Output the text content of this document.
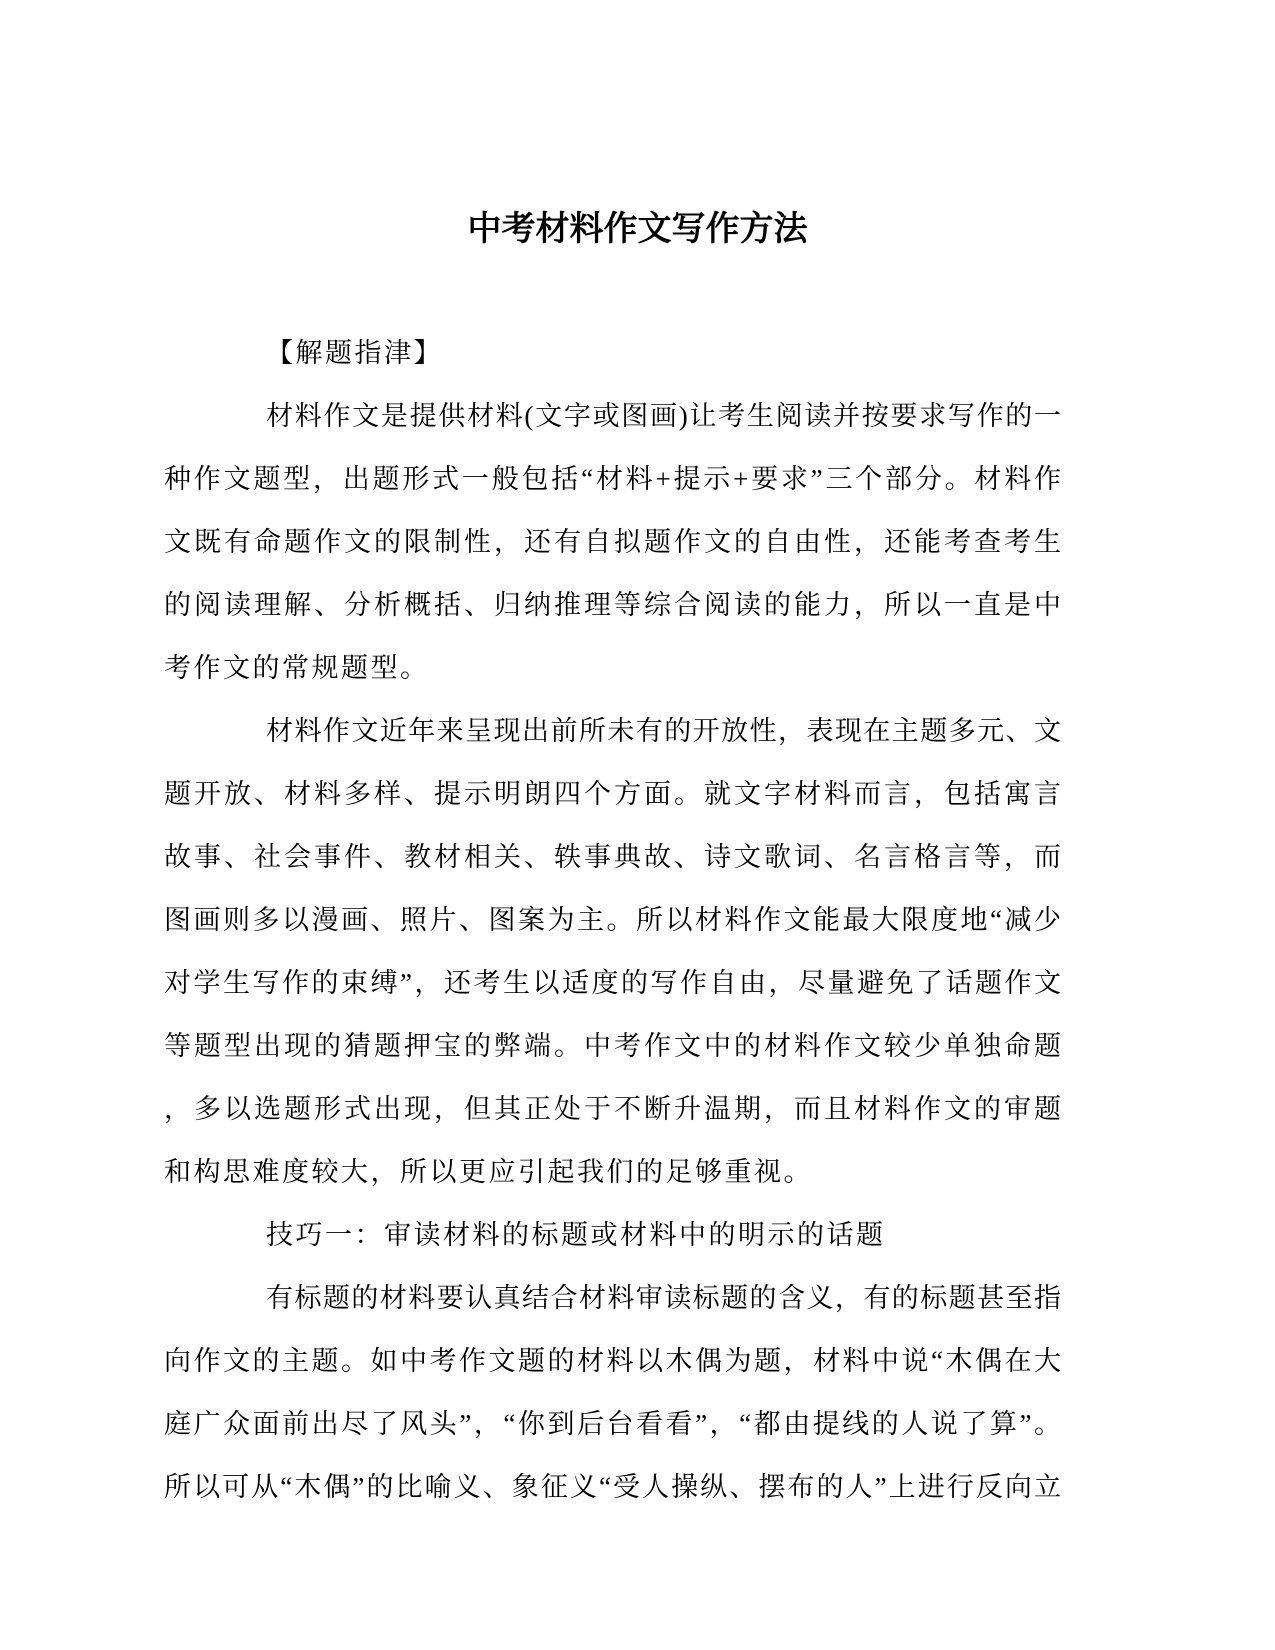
中考材料作文写作方法
【解题指津】
材料作文是提供材料(文字或图画)让考生阅读并按要求写作的一
种作文题型，出题形式一般包括“材料+提示+要求”三个部分。材料作
文既有命题作文的限制性，还有自拟题作文的自由性，还能考查考生
的阅读理解、分析概括、归纳推理等综合阅读的能力，所以一直是中
考作文的常规题型。
材料作文近年来呈现出前所未有的开放性，表现在主题多元、文
题开放、材料多样、提示明朗四个方面。就文字材料而言，包括寓言
故事、社会事件、教材相关、轶事典故、诗文歌词、名言格言等，而
图画则多以漫画、照片、图案为主。所以材料作文能最大限度地“减少
对学生写作的束缚”，还考生以适度的写作自由，尽量避免了话题作文
等题型出现的猜题押宝的弊端。中考作文中的材料作文较少单独命题
，多以选题形式出现，但其正处于不断升温期，而且材料作文的审题
和构思难度较大，所以更应引起我们的足够重视。
技巧一：审读材料的标题或材料中的明示的话题
有标题的材料要认真结合材料审读标题的含义，有的标题甚至指
向作文的主题。如中考作文题的材料以木偶为题，材料中说“木偶在大
庭广众面前出尽了风头”，“你到后台看看”，“都由提线的人说了算”。
所以可从“木偶”的比喻义、象征义“受人操纵、摆布的人”上进行反向立
